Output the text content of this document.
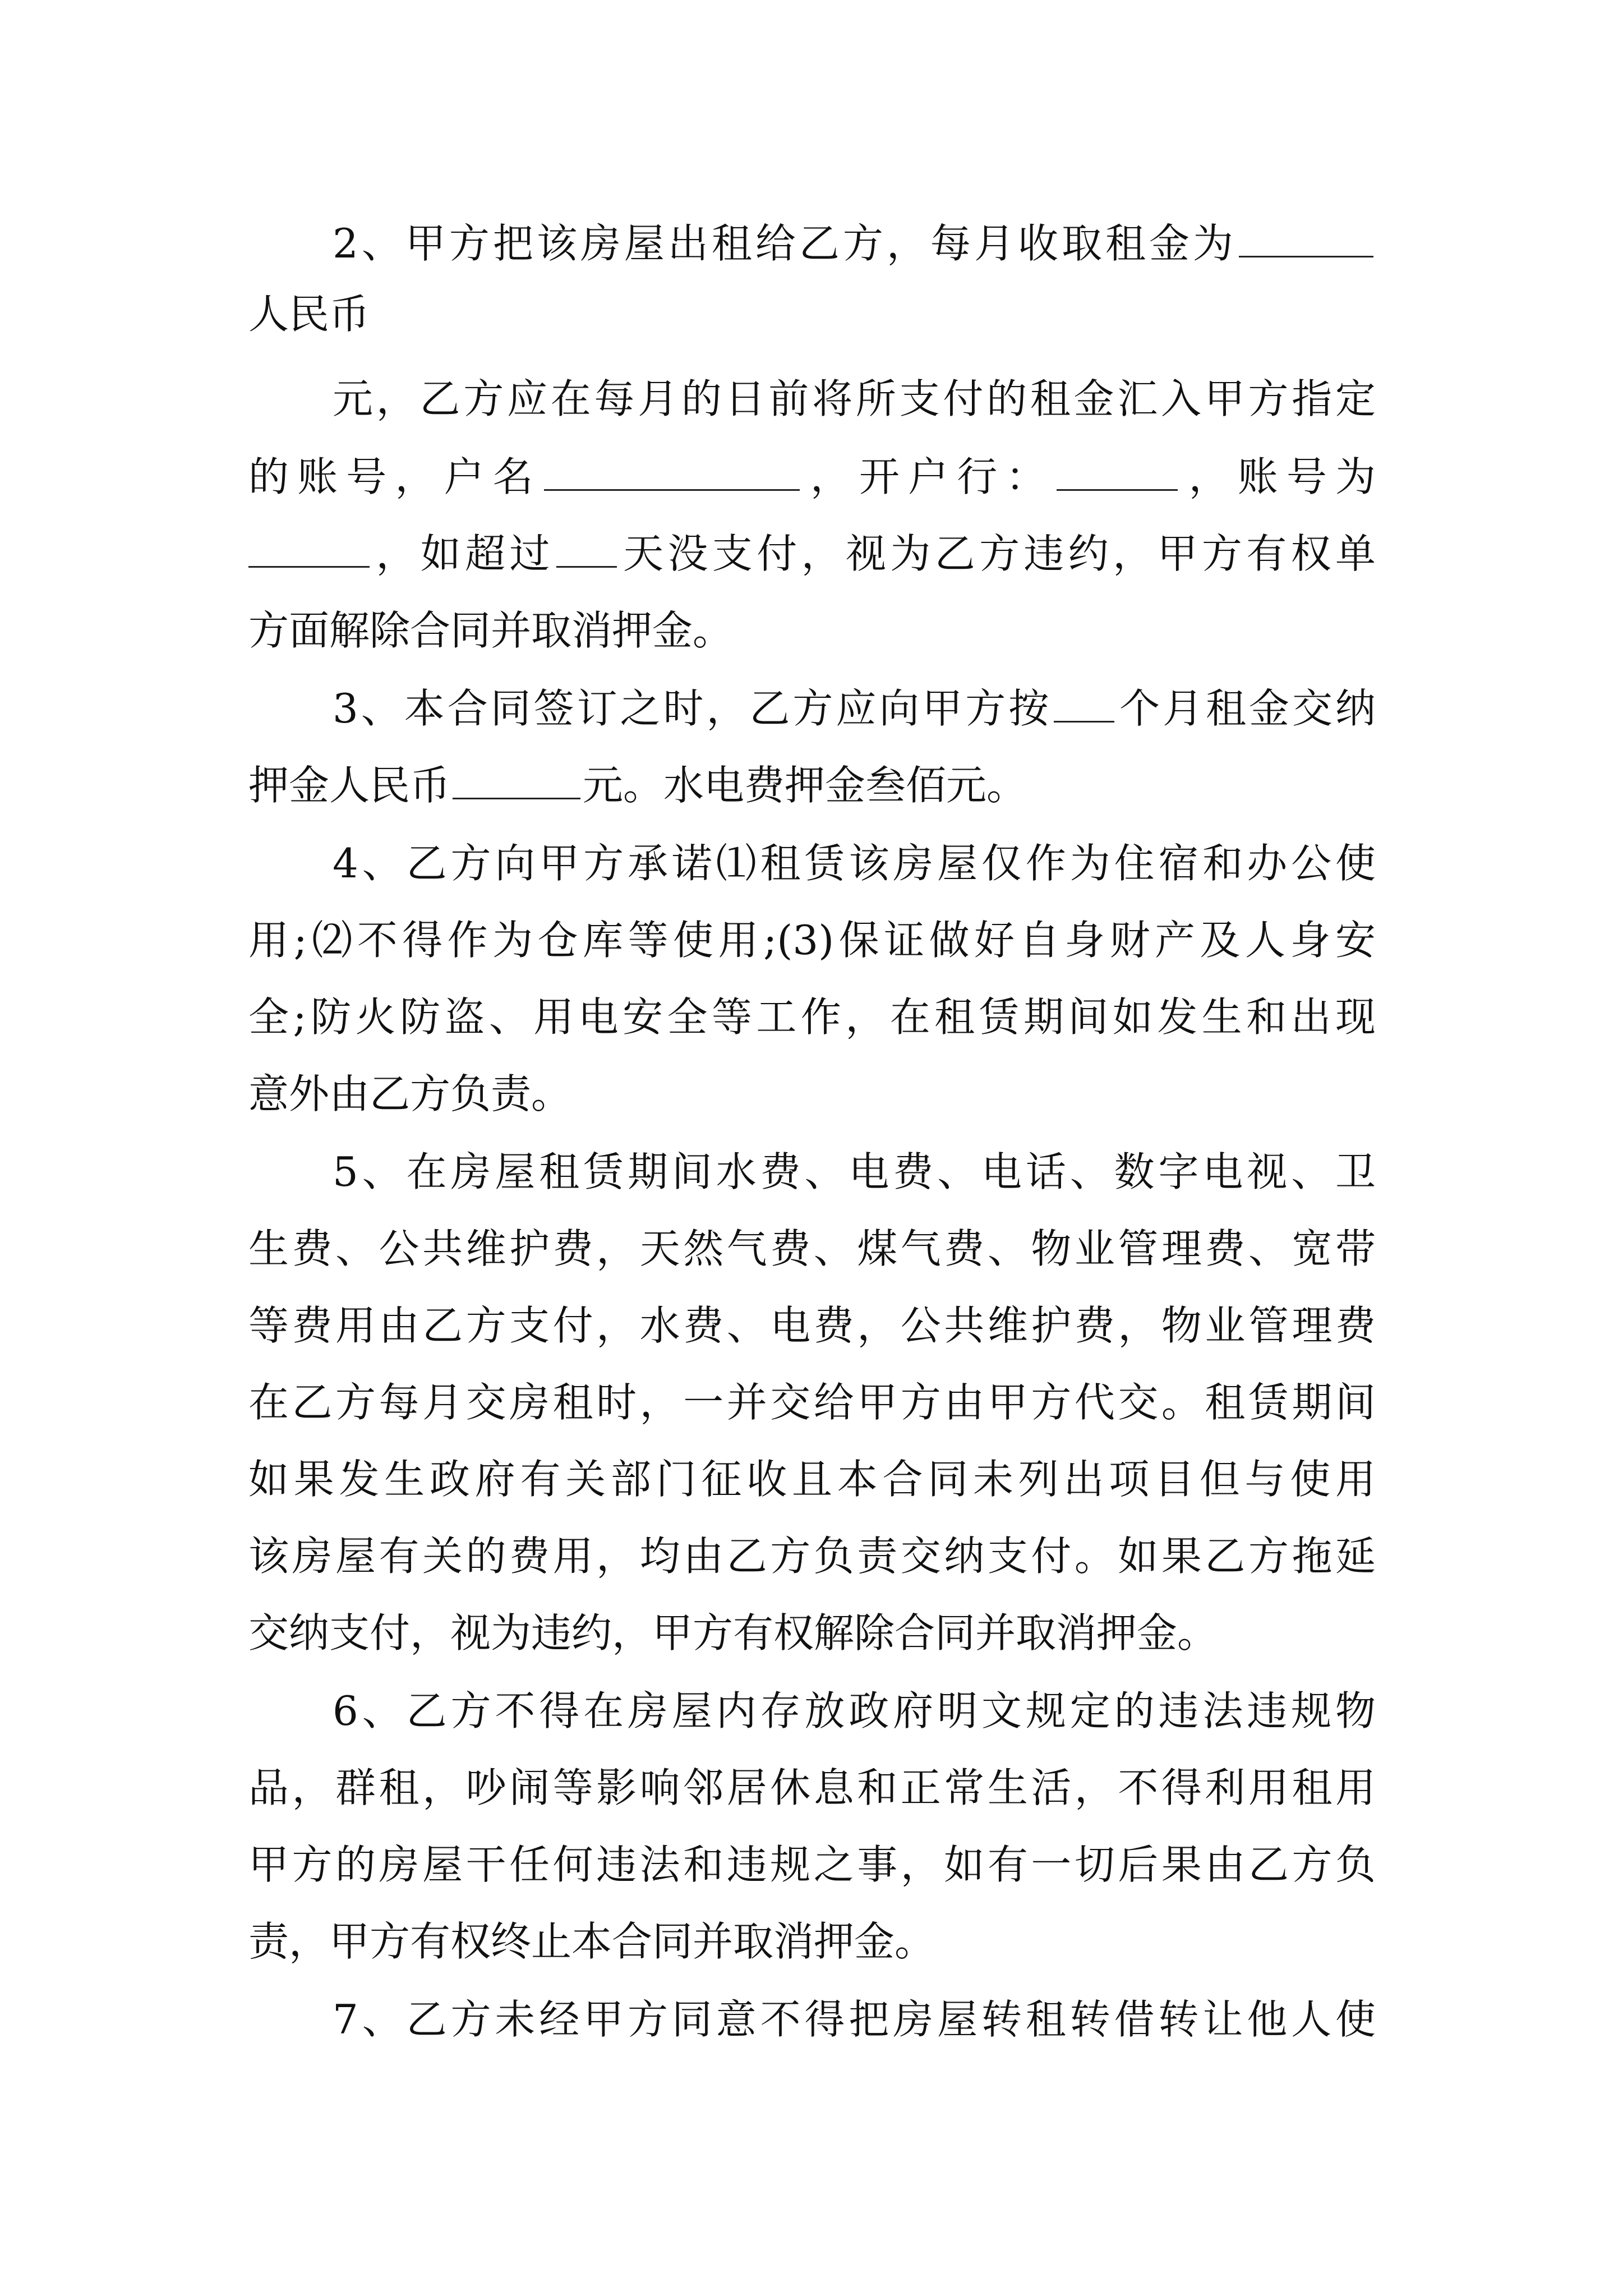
2、甲方把该房屋出租给乙方，每月收取租金为
人民币
元，乙方应在每月的日前将所支付的租金汇入甲方指定
的账号，户名	，开户行：	，账号为
，如超过 天没支付，视为乙方违约，甲方有权单
方面解除合同并取消押金。
3、本合同签订之时，乙方应向甲方按 个月租金交纳
押金人民币	元。水电费押金叁佰元。
4、乙方向甲方承诺⑴租赁该房屋仅作为住宿和办公使
用;⑵不得作为仓库等使用;(3)保证做好自身财产及人身安
全;防火防盗、用电安全等工作，在租赁期间如发生和出现
意外由乙方负责。
5、在房屋租赁期间水费、电费、电话、数字电视、卫
生费、公共维护费，天然气费、煤气费、物业管理费、宽带
等费用由乙方支付，水费、电费，公共维护费，物业管理费
在乙方每月交房租时，一并交给甲方由甲方代交。租赁期间
如果发生政府有关部门征收且本合同未列出项目但与使用
该房屋有关的费用，均由乙方负责交纳支付。如果乙方拖延
交纳支付，视为违约，甲方有权解除合同并取消押金。
6、乙方不得在房屋内存放政府明文规定的违法违规物
品，群租，吵闹等影响邻居休息和正常生活，不得利用租用
甲方的房屋干任何违法和违规之事，如有一切后果由乙方负
责，甲方有权终止本合同并取消押金。
7、乙方未经甲方同意不得把房屋转租转借转让他人使
